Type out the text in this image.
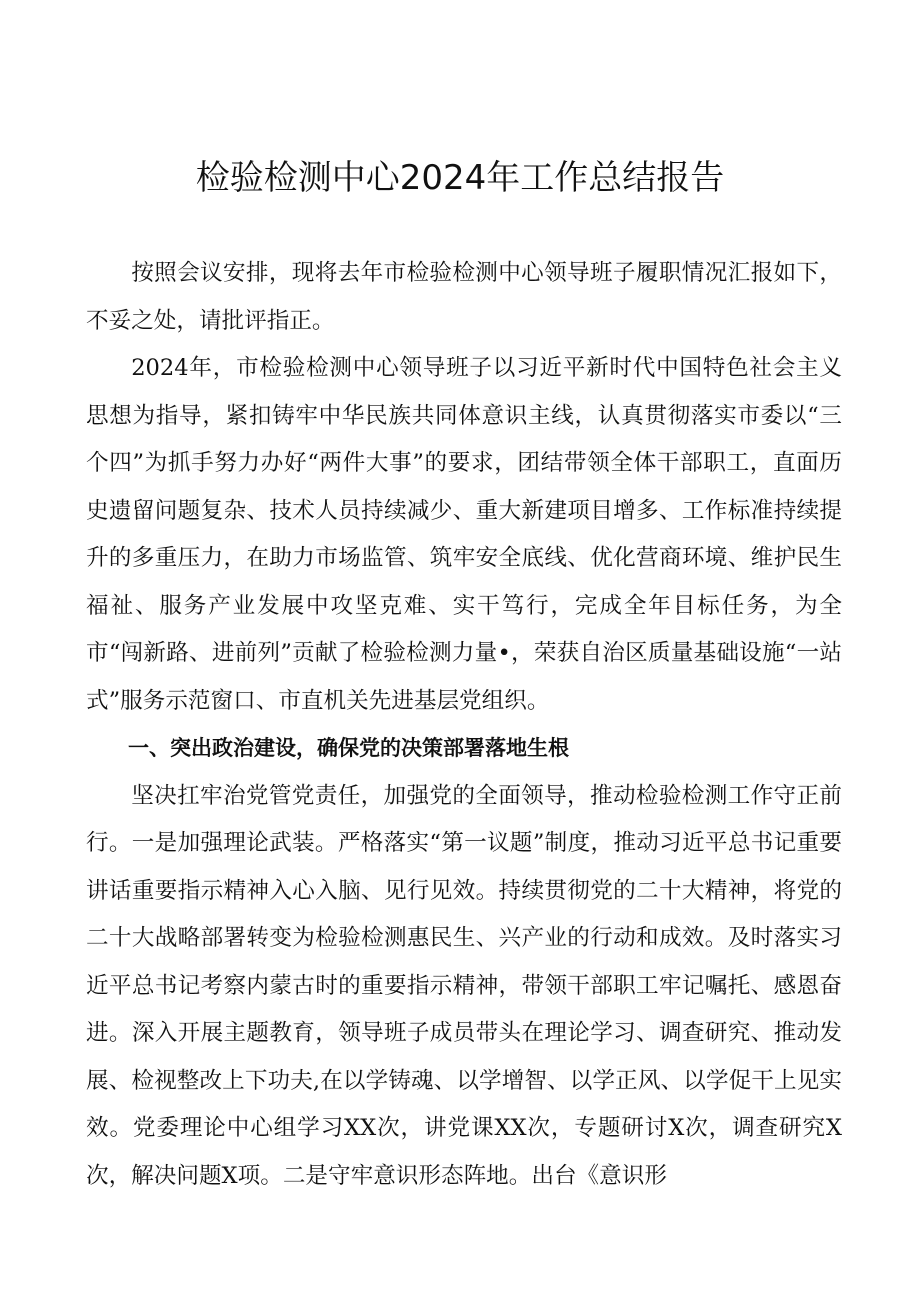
检验检测中心2024年工作总结报告

按照会议安排，现将去年市检验检测中心领导班子履职情况汇报如下，不妥之处，请批评指正。

2024年，市检验检测中心领导班子以习近平新时代中国特色社会主义思想为指导，紧扣铸牢中华民族共同体意识主线，认真贯彻落实市委以“三个四”为抓手努力办好“两件大事”的要求，团结带领全体干部职工，直面历史遗留问题复杂、技术人员持续减少、重大新建项目增多、工作标准持续提升的多重压力，在助力市场监管、筑牢安全底线、优化营商环境、维护民生福祉、服务产业发展中攻坚克难、实干笃行，完成全年目标任务，为全市“闯新路、进前列”贡献了检验检测力量•，荣获自治区质量基础设施“一站式”服务示范窗口、市直机关先进基层党组织。

一、突出政治建设，确保党的决策部署落地生根

坚决扛牢治党管党责任，加强党的全面领导，推动检验检测工作守正前行。一是加强理论武装。严格落实“第一议题”制度，推动习近平总书记重要讲话重要指示精神入心入脑、见行见效。持续贯彻党的二十大精神，将党的二十大战略部署转变为检验检测惠民生、兴产业的行动和成效。及时落实习近平总书记考察内蒙古时的重要指示精神，带领干部职工牢记嘱托、感恩奋进。深入开展主题教育，领导班子成员带头在理论学习、调查研究、推动发展、检视整改上下功夫,在以学铸魂、以学增智、以学正风、以学促干上见实效。党委理论中心组学习XX次，讲党课XX次，专题研讨X次，调查研究X次，解决问题X项。二是守牢意识形态阵地。出台《意识形
